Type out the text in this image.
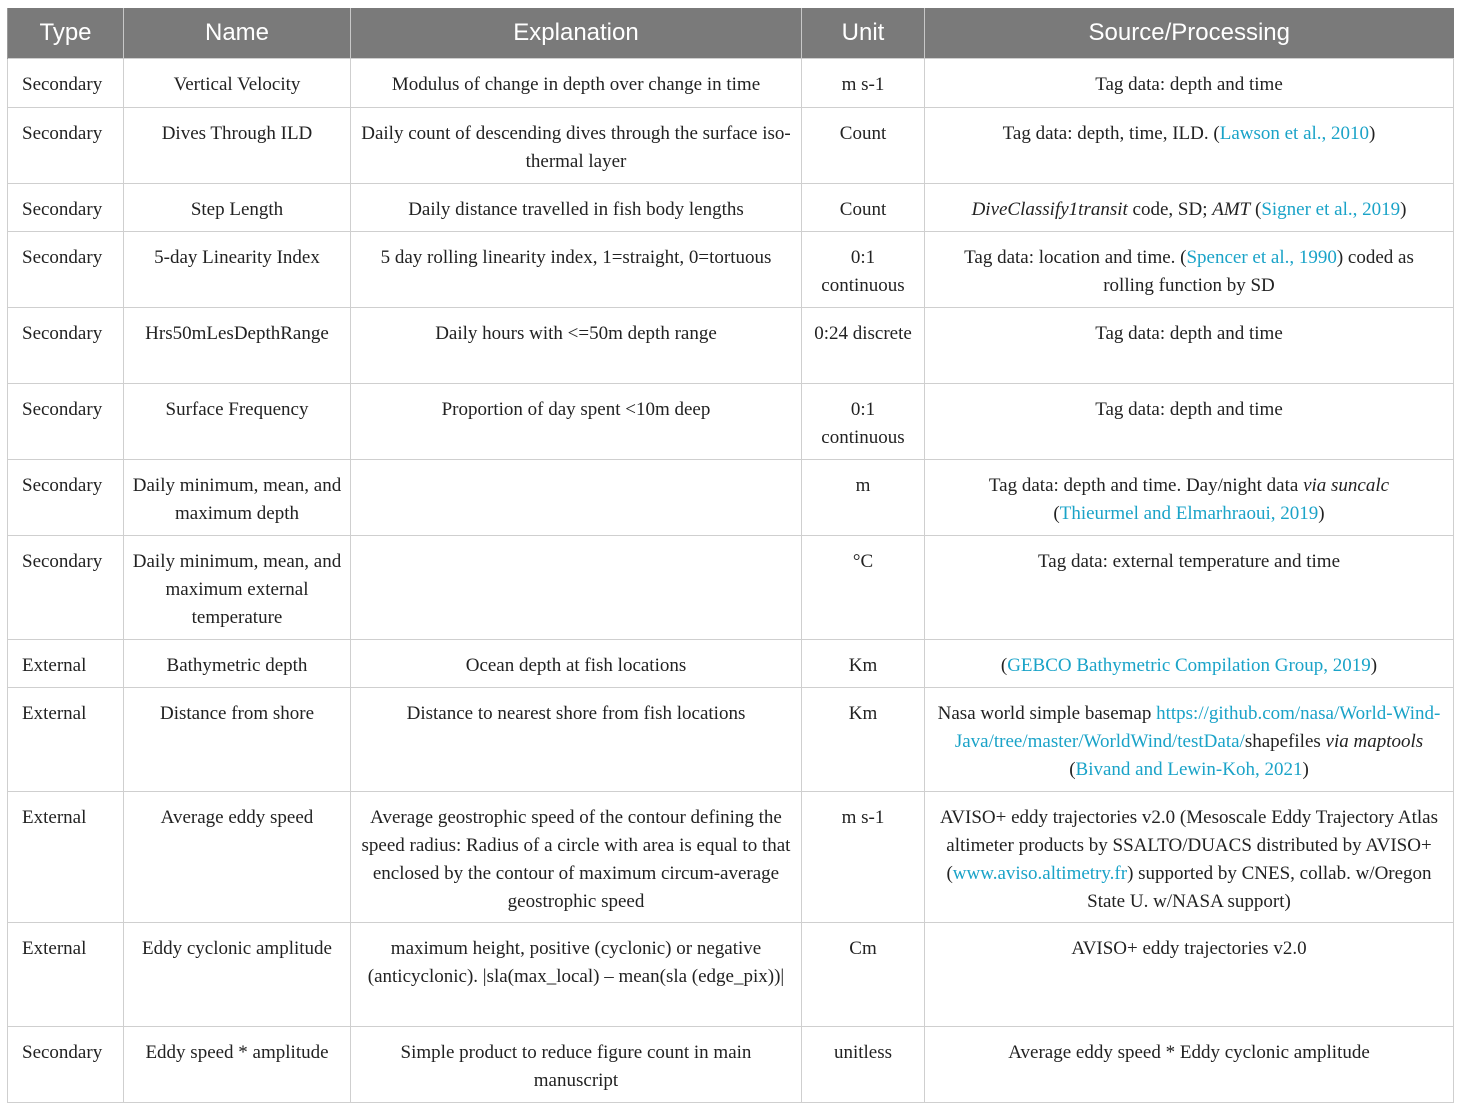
Type	Name	Explanation	Unit	Source/Processing
Secondary	Vertical Velocity	Modulus of change in depth over change in time	m s-1	Tag data: depth and time
Secondary	Dives Through ILD	Daily count of descending dives through the surface iso-thermal layer	Count	Tag data: depth, time, ILD. (Lawson et al., 2010)
Secondary	Step Length	Daily distance travelled in fish body lengths	Count	DiveClassify1transit code, SD; AMT (Signer et al., 2019)
Secondary	5-day Linearity Index	5 day rolling linearity index, 1=straight, 0=tortuous	0:1 continuous	Tag data: location and time. (Spencer et al., 1990) coded as rolling function by SD
Secondary	Hrs50mLesDepthRange	Daily hours with <=50m depth range	0:24 discrete	Tag data: depth and time
Secondary	Surface Frequency	Proportion of day spent <10m deep	0:1 continuous	Tag data: depth and time
Secondary	Daily minimum, mean, and maximum depth		m	Tag data: depth and time. Day/night data via suncalc
(Thieurmel and Elmarhraoui, 2019)
Secondary	Daily minimum, mean, and maximum external temperature		°C	Tag data: external temperature and time
External	Bathymetric depth	Ocean depth at fish locations	Km	(GEBCO Bathymetric Compilation Group, 2019)
External	Distance from shore	Distance to nearest shore from fish locations	Km	Nasa world simple basemap https://github.com/nasa/World-Wind-Java/tree/master/WorldWind/testData/shapefiles via maptools (Bivand and Lewin-Koh, 2021)
External	Average eddy speed	Average geostrophic speed of the contour defining the speed radius: Radius of a circle with area is equal to that enclosed by the contour of maximum circum-average geostrophic speed	m s-1	AVISO+ eddy trajectories v2.0 (Mesoscale Eddy Trajectory Atlas altimeter products by SSALTO/DUACS distributed by AVISO+ (www.aviso.altimetry.fr) supported by CNES, collab. w/Oregon State U. w/NASA support)
External	Eddy cyclonic amplitude	maximum height, positive (cyclonic) or negative (anticyclonic). |sla(max_local) – mean(sla (edge_pix))|	Cm	AVISO+ eddy trajectories v2.0
Secondary	Eddy speed * amplitude	Simple product to reduce figure count in main manuscript	unitless	Average eddy speed * Eddy cyclonic amplitude
